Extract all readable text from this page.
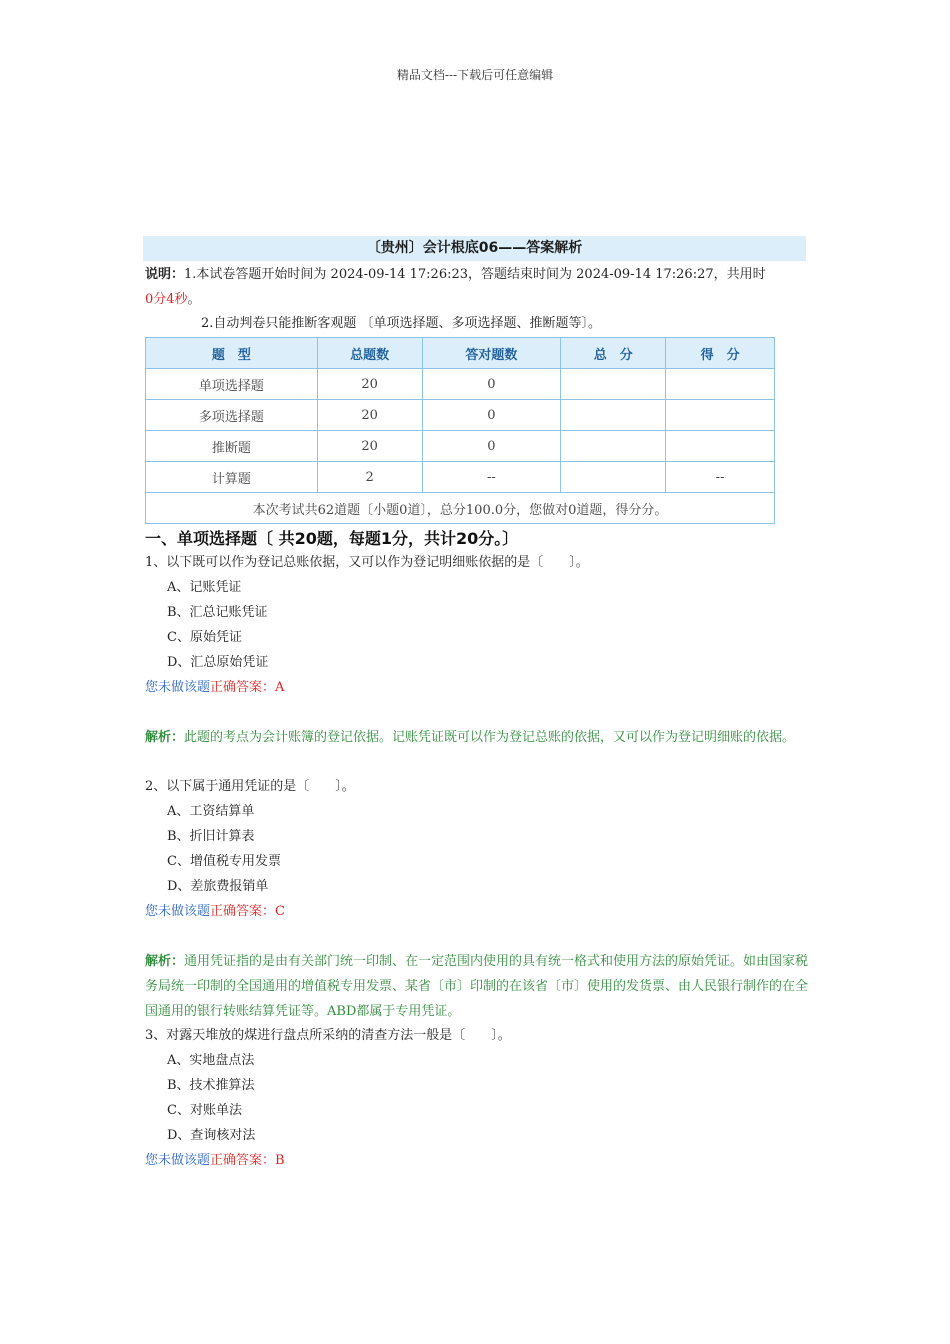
精品文档---下载后可任意编辑
〔贵州〕会计根底06——答案解析
说明：1.本试卷答题开始时间为 2024-09-14 17:26:23，答题结束时间为 2024-09-14 17:26:27，共用时
0分4秒。
2.自动判卷只能推断客观题 〔单项选择题、多项选择题、推断题等〕。
题　型	总题数	答对题数	总　分	得　分
单项选择题	20	0		
多项选择题	20	0		
推断题	20	0		
计算题	2	--		--
本次考试共62道题〔小题0道〕，总分100.0分，您做对0道题，得分分。				
一、单项选择题〔 共20题，每题1分，共计20分。〕
1、以下既可以作为登记总账依据，又可以作为登记明细账依据的是〔　　〕。
A、记账凭证
B、汇总记账凭证
C、原始凭证
D、汇总原始凭证
您未做该题正确答案：A
解析：此题的考点为会计账簿的登记依据。记账凭证既可以作为登记总账的依据，又可以作为登记明细账的依据。
2、以下属于通用凭证的是〔　　〕。
A、工资结算单
B、折旧计算表
C、增值税专用发票
D、差旅费报销单
您未做该题正确答案：C
解析：通用凭证指的是由有关部门统一印制、在一定范围内使用的具有统一格式和使用方法的原始凭证。如由国家税务局统一印制的全国通用的增值税专用发票、某省〔市〕印制的在该省〔市〕使用的发货票、由人民银行制作的在全国通用的银行转账结算凭证等。ABD都属于专用凭证。
3、对露天堆放的煤进行盘点所采纳的清查方法一般是〔　　〕。
A、实地盘点法
B、技术推算法
C、对账单法
D、查询核对法
您未做该题正确答案：B
